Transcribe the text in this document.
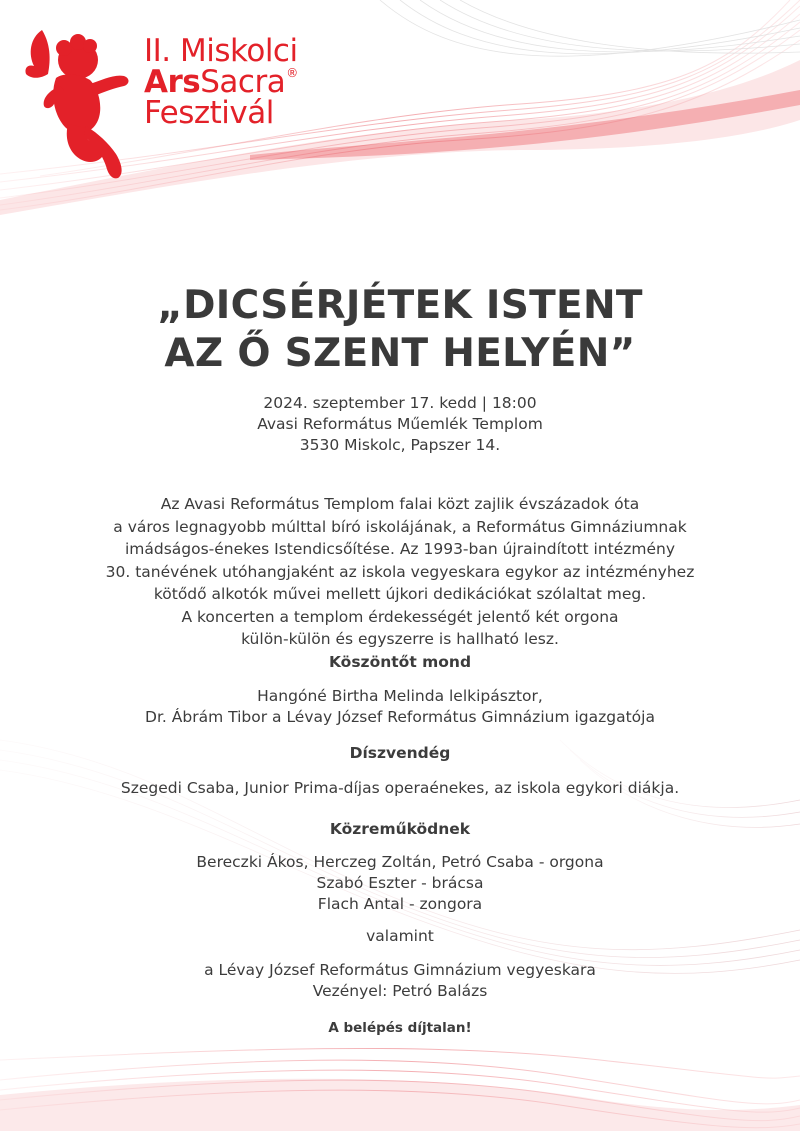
II. Miskolci
ArsSacra®
Fesztivál
„DICSÉRJÉTEK ISTENT
AZ Ő SZENT HELYÉN”
2024. szeptember 17. kedd | 18:00
Avasi Református Műemlék Templom
3530 Miskolc, Papszer 14.
Az Avasi Református Templom falai közt zajlik évszázadok óta
a város legnagyobb múlttal bíró iskolájának, a Református Gimnáziumnak
imádságos-énekes Istendicsőítése. Az 1993-ban újraindított intézmény
30. tanévének utóhangjaként az iskola vegyeskara egykor az intézményhez
kötődő alkotók művei mellett újkori dedikációkat szólaltat meg.
A koncerten a templom érdekességét jelentő két orgona
külön-külön és egyszerre is hallható lesz.
Köszöntőt mond
Hangóné Birtha Melinda lelkipásztor,
Dr. Ábrám Tibor a Lévay József Református Gimnázium igazgatója
Díszvendég
Szegedi Csaba, Junior Prima-díjas operaénekes, az iskola egykori diákja.
Közreműködnek
Bereczki Ákos, Herczeg Zoltán, Petró Csaba - orgona
Szabó Eszter - brácsa
Flach Antal - zongora
valamint
a Lévay József Református Gimnázium vegyeskara
Vezényel: Petró Balázs
A belépés díjtalan!
